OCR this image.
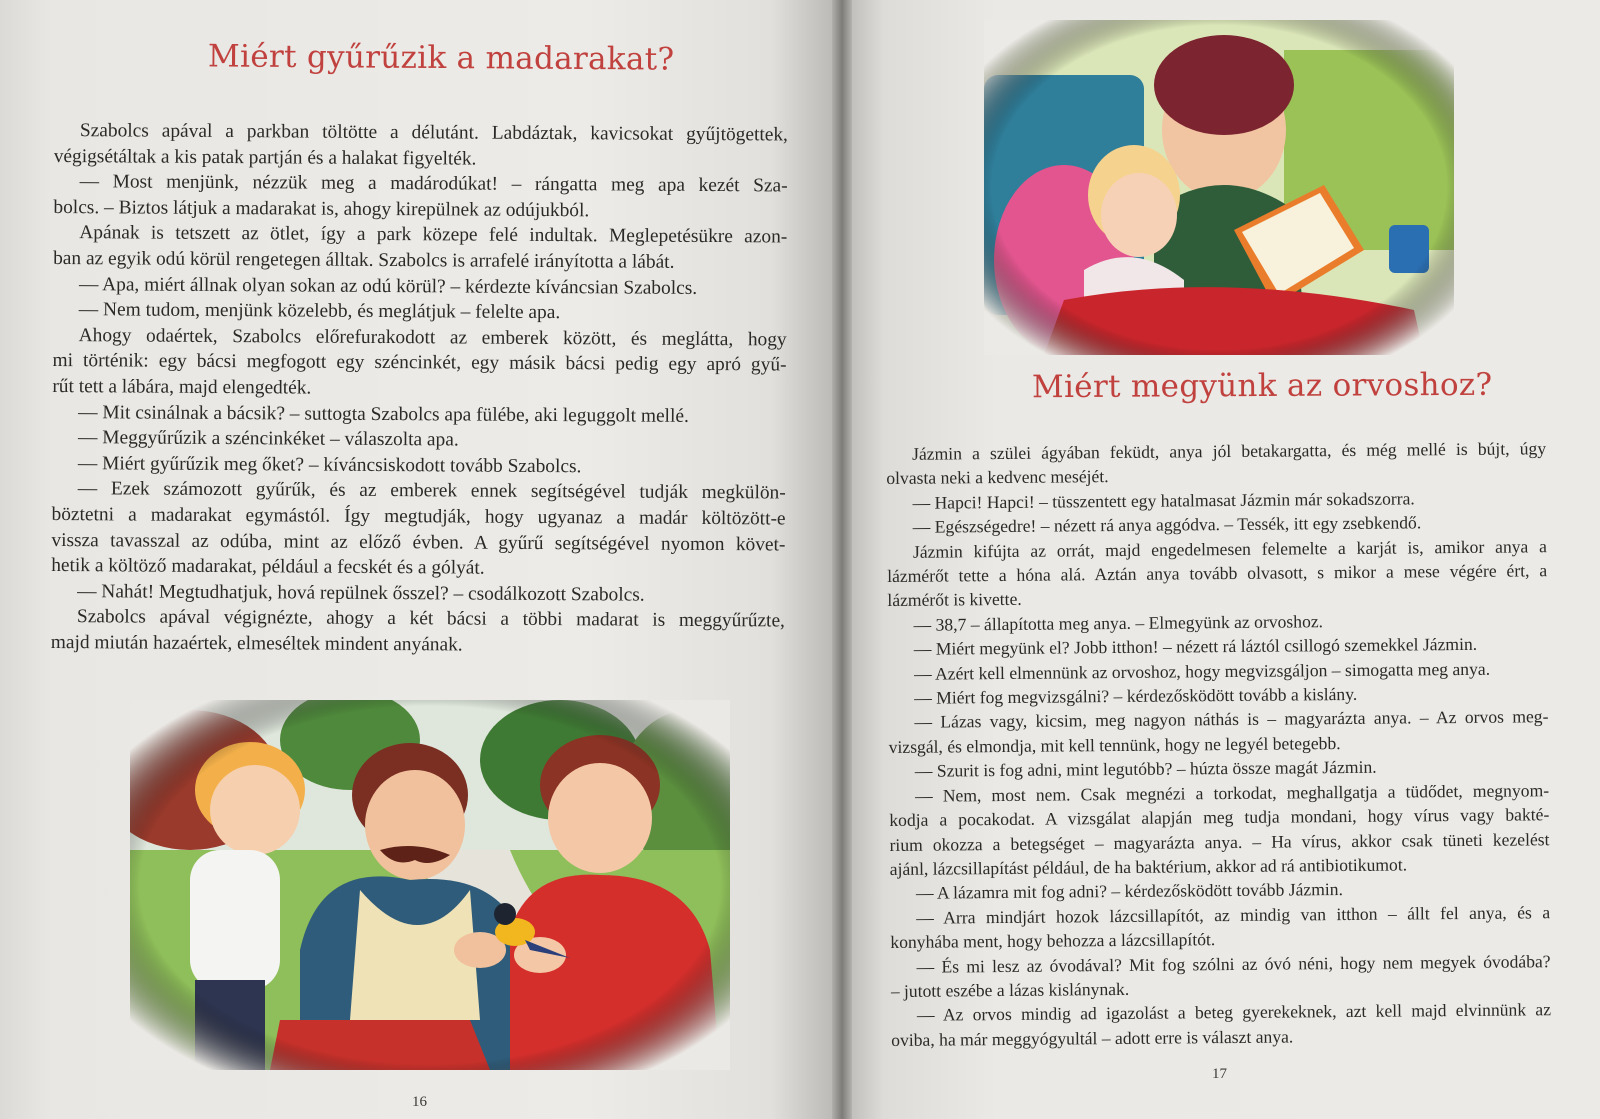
Miért gyűrűzik a madarakat?
Szabolcs apával a parkban töltötte a délutánt. Labdáztak, kavicsokat gyűjtögettek,
végigsétáltak a kis patak partján és a halakat figyelték.
— Most menjünk, nézzük meg a madárodúkat! – rángatta meg apa kezét Sza-
bolcs. – Biztos látjuk a madarakat is, ahogy kirepülnek az odújukból.
Apának is tetszett az ötlet, így a park közepe felé indultak. Meglepetésükre azon-
ban az egyik odú körül rengetegen álltak. Szabolcs is arrafelé irányította a lábát.
— Apa, miért állnak olyan sokan az odú körül? – kérdezte kíváncsian Szabolcs.
— Nem tudom, menjünk közelebb, és meglátjuk – felelte apa.
Ahogy odaértek, Szabolcs előrefurakodott az emberek között, és meglátta, hogy
mi történik: egy bácsi megfogott egy széncinkét, egy másik bácsi pedig egy apró gyű-
rűt tett a lábára, majd elengedték.
— Mit csinálnak a bácsik? – suttogta Szabolcs apa fülébe, aki leguggolt mellé.
— Meggyűrűzik a széncinkéket – válaszolta apa.
— Miért gyűrűzik meg őket? – kíváncsiskodott tovább Szabolcs.
— Ezek számozott gyűrűk, és az emberek ennek segítségével tudják megkülön-
böztetni a madarakat egymástól. Így megtudják, hogy ugyanaz a madár költözött-e
vissza tavasszal az odúba, mint az előző évben. A gyűrű segítségével nyomon követ-
hetik a költöző madarakat, például a fecskét és a gólyát.
— Nahát! Megtudhatjuk, hová repülnek ősszel? – csodálkozott Szabolcs.
Szabolcs apával végignézte, ahogy a két bácsi a többi madarat is meggyűrűzte,
majd miután hazaértek, elmeséltek mindent anyának.
16
Miért megyünk az orvoshoz?
Jázmin a szülei ágyában feküdt, anya jól betakargatta, és még mellé is bújt, úgy
olvasta neki a kedvenc meséjét.
— Hapci! Hapci! – tüsszentett egy hatalmasat Jázmin már sokadszorra.
— Egészségedre! – nézett rá anya aggódva. – Tessék, itt egy zsebkendő.
Jázmin kifújta az orrát, majd engedelmesen felemelte a karját is, amikor anya a
lázmérőt tette a hóna alá. Aztán anya tovább olvasott, s mikor a mese végére ért, a
lázmérőt is kivette.
— 38,7 – állapította meg anya. – Elmegyünk az orvoshoz.
— Miért megyünk el? Jobb itthon! – nézett rá láztól csillogó szemekkel Jázmin.
— Azért kell elmennünk az orvoshoz, hogy megvizsgáljon – simogatta meg anya.
— Miért fog megvizsgálni? – kérdezősködött tovább a kislány.
— Lázas vagy, kicsim, meg nagyon náthás is – magyarázta anya. – Az orvos meg-
vizsgál, és elmondja, mit kell tennünk, hogy ne legyél betegebb.
— Szurit is fog adni, mint legutóbb? – húzta össze magát Jázmin.
— Nem, most nem. Csak megnézi a torkodat, meghallgatja a tüdődet, megnyom-
kodja a pocakodat. A vizsgálat alapján meg tudja mondani, hogy vírus vagy bakté-
rium okozza a betegséget – magyarázta anya. – Ha vírus, akkor csak tüneti kezelést
ajánl, lázcsillapítást például, de ha baktérium, akkor ad rá antibiotikumot.
— A lázamra mit fog adni? – kérdezősködött tovább Jázmin.
— Arra mindjárt hozok lázcsillapítót, az mindig van itthon – állt fel anya, és a
konyhába ment, hogy behozza a lázcsillapítót.
— És mi lesz az óvodával? Mit fog szólni az óvó néni, hogy nem megyek óvodába?
– jutott eszébe a lázas kislánynak.
— Az orvos mindig ad igazolást a beteg gyerekeknek, azt kell majd elvinnünk az
oviba, ha már meggyógyultál – adott erre is választ anya.
17
